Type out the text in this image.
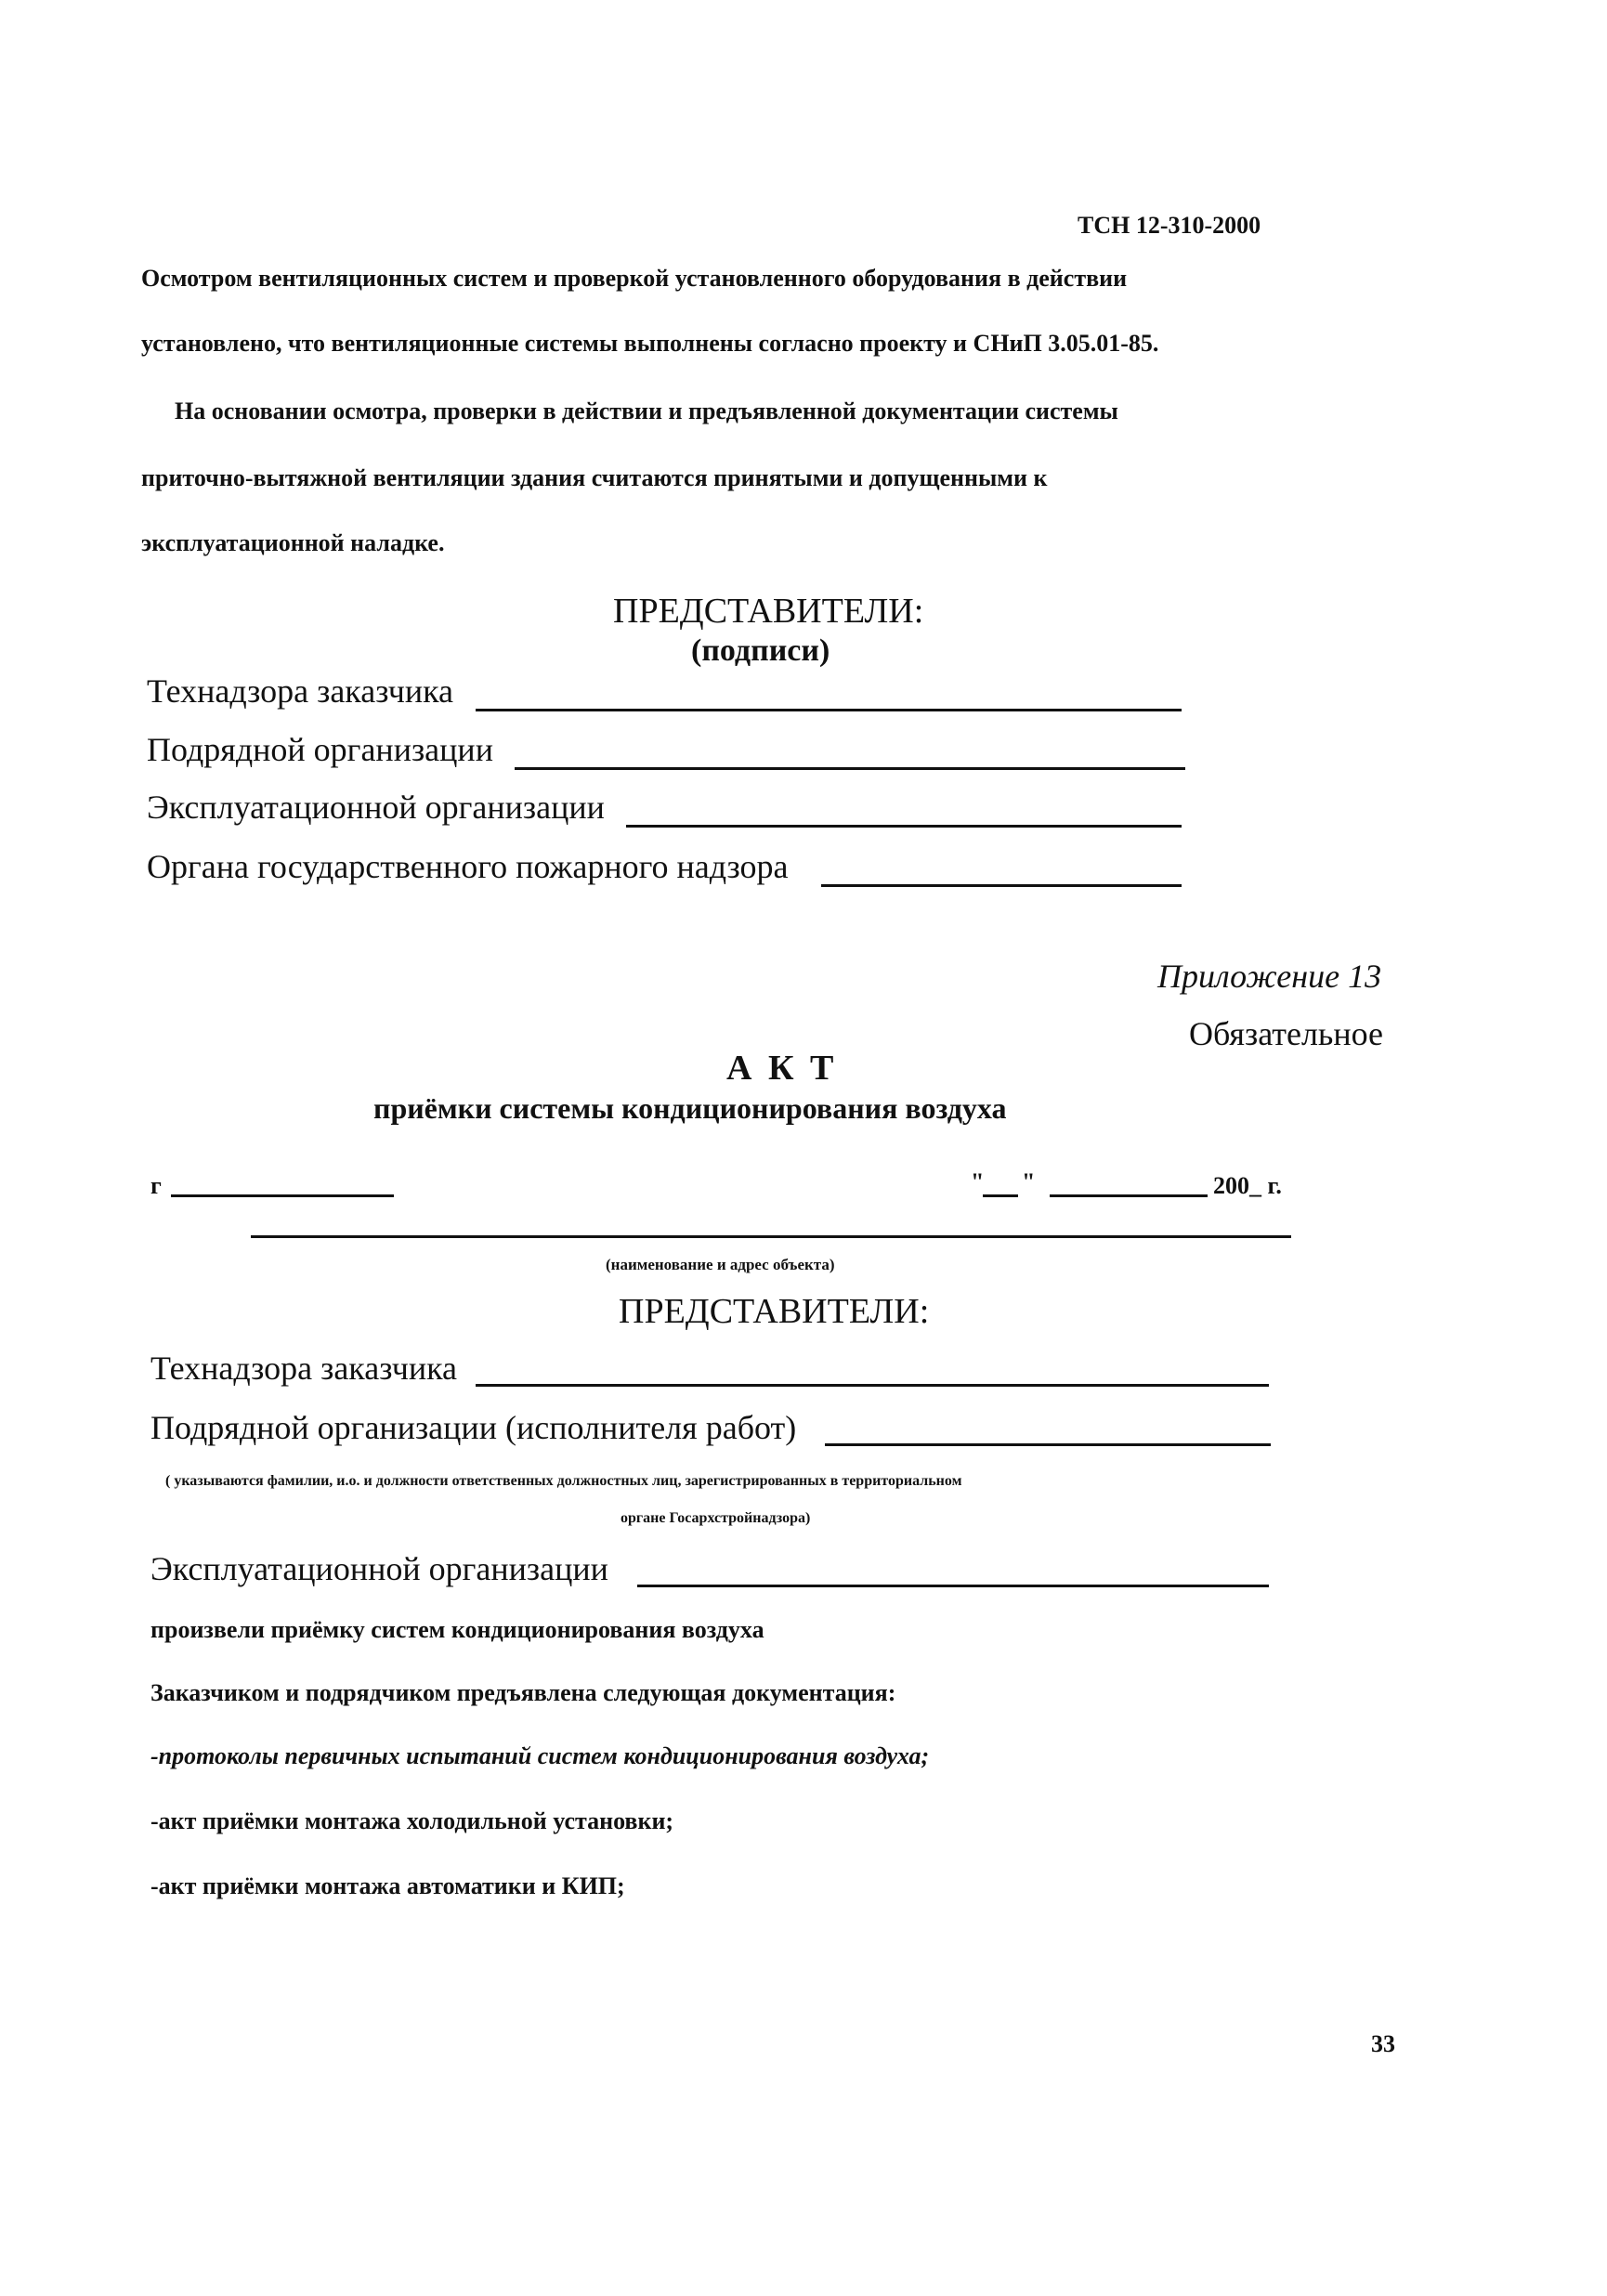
ТСН 12-310-2000
Осмотром вентиляционных систем и проверкой установленного оборудования в действии
установлено, что вентиляционные системы выполнены согласно проекту и СНиП 3.05.01-85.
На основании осмотра, проверки в действии и предъявленной документации системы
приточно-вытяжной вентиляции здания считаются принятыми и допущенными к
эксплуатационной наладке.
ПРЕДСТАВИТЕЛИ:
(подписи)
Технадзора заказчика
Подрядной организации
Эксплуатационной организации
Органа государственного пожарного надзора
Приложение 13
Обязательное
А К Т
приёмки системы кондиционирования воздуха
г	" "	200_ г.
(наименование и адрес объекта)
ПРЕДСТАВИТЕЛИ:
Технадзора заказчика
Подрядной организации (исполнителя работ)
( указываются фамилии, и.о. и должности ответственных должностных лиц, зарегистрированных в территориальном
органе Госархстройнадзора)
Эксплуатационной организации
произвели приёмку систем кондиционирования воздуха
Заказчиком и подрядчиком предъявлена следующая документация:
-протоколы первичных испытаний систем кондиционирования воздуха;
-акт приёмки монтажа холодильной установки;
-акт приёмки монтажа автоматики и КИП;
33
